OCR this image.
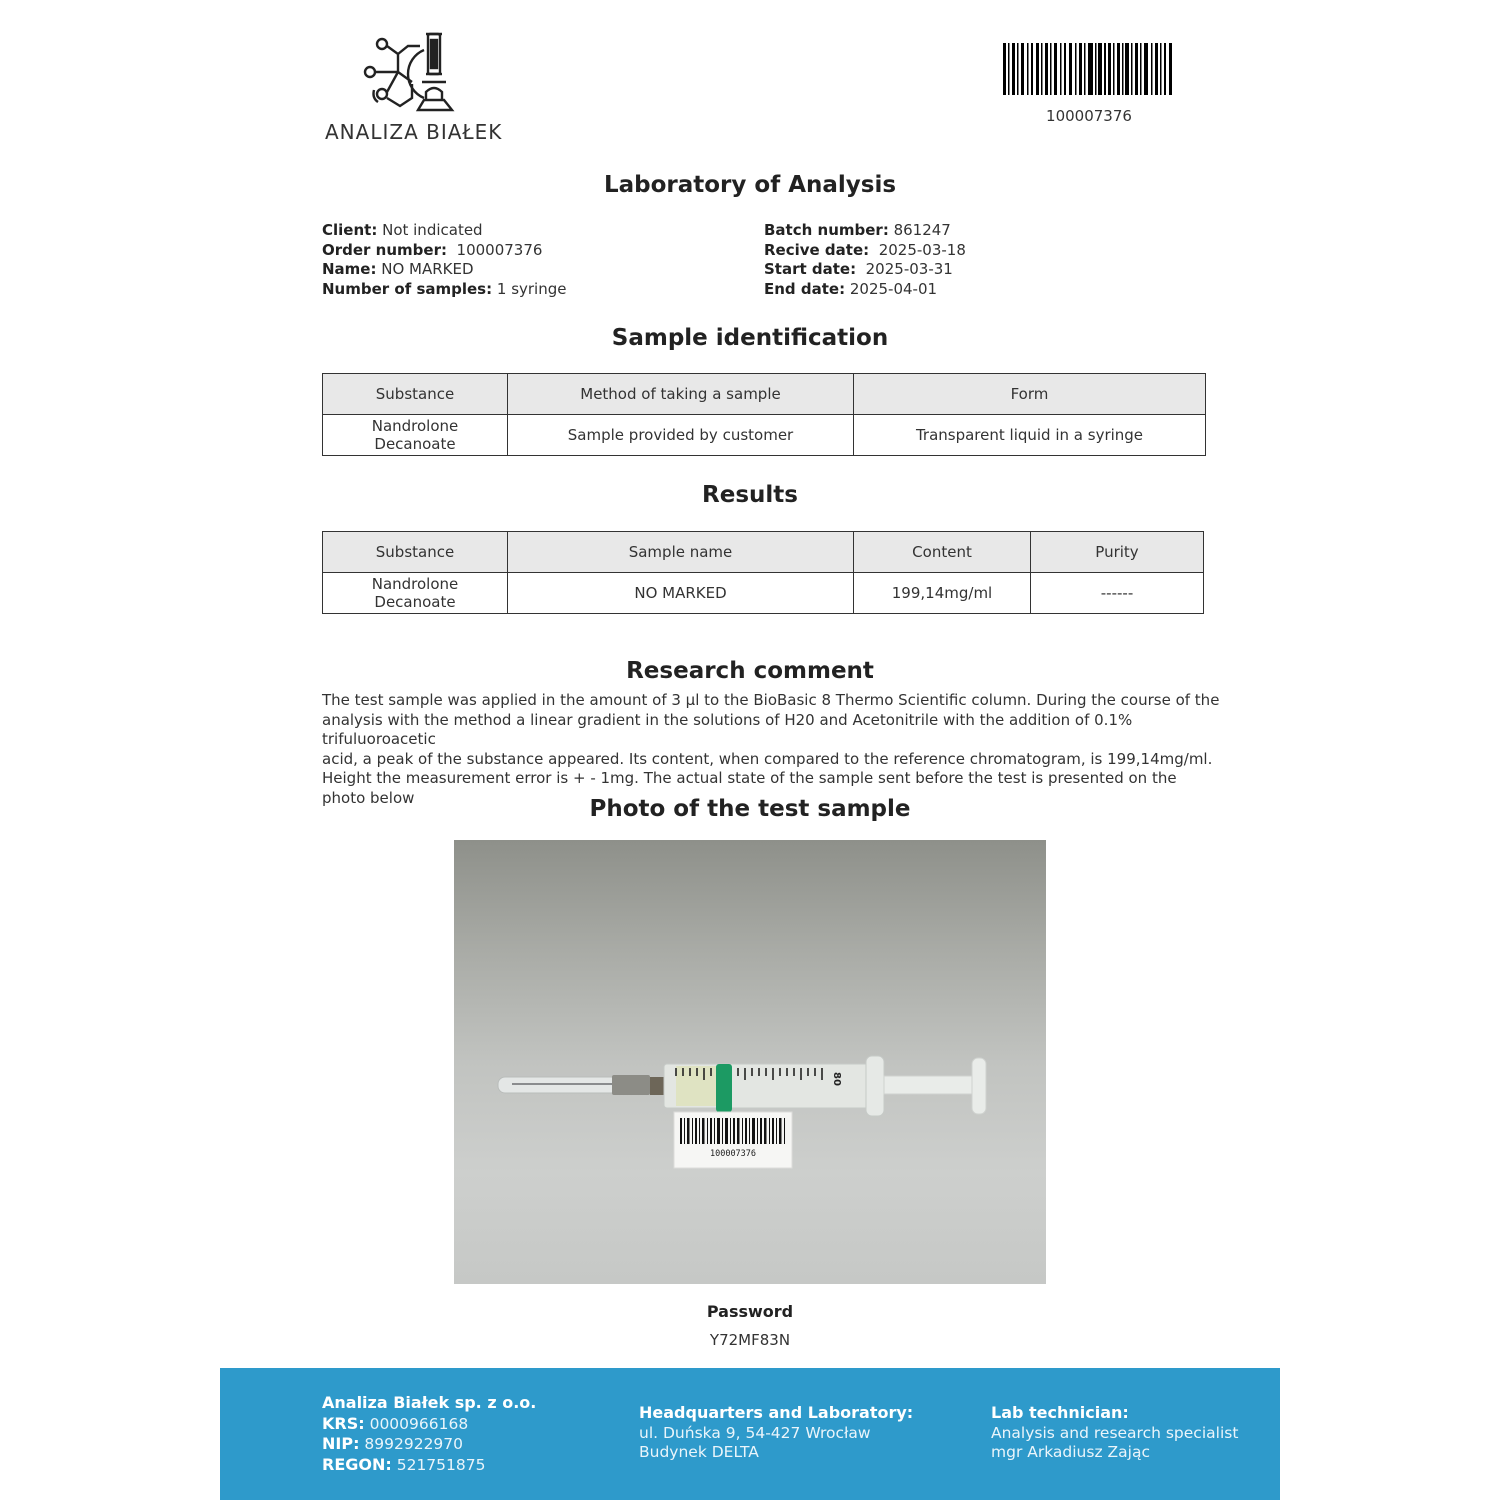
ANALIZA BIAŁEK
100007376
Laboratory of Analysis
Client: Not indicated
Order number: 100007376
Name: NO MARKED
Number of samples: 1 syringe
Batch number: 861247
Recive date: 2025-03-18
Start date: 2025-03-31
End date: 2025-04-01
Sample identification
Substance	Method of taking a sample	Form
Nandrolone Decanoate	Sample provided by customer	Transparent liquid in a syringe
Results
Substance	Sample name	Content	Purity
Nandrolone Decanoate	NO MARKED	199,14mg/ml	------
Research comment
The test sample was applied in the amount of 3 µl to the BioBasic 8 Thermo Scientific column. During the course of the
analysis with the method a linear gradient in the solutions of H20 and Acetonitrile with the addition of 0.1% trifuluoroacetic
acid, a peak of the substance appeared. Its content, when compared to the reference chromatogram, is 199,14mg/ml.
Height the measurement error is + - 1mg. The actual state of the sample sent before the test is presented on the
photo below	Photo of the test sample
80
100007376
Password
Y72MF83N
Analiza Białek sp. z o.o.
KRS: 0000966168
NIP: 8992922970
REGON: 521751875
Headquarters and Laboratory:
ul. Duńska 9, 54-427 Wrocław
Budynek DELTA
Lab technician:
Analysis and research specialist
mgr Arkadiusz Zając
